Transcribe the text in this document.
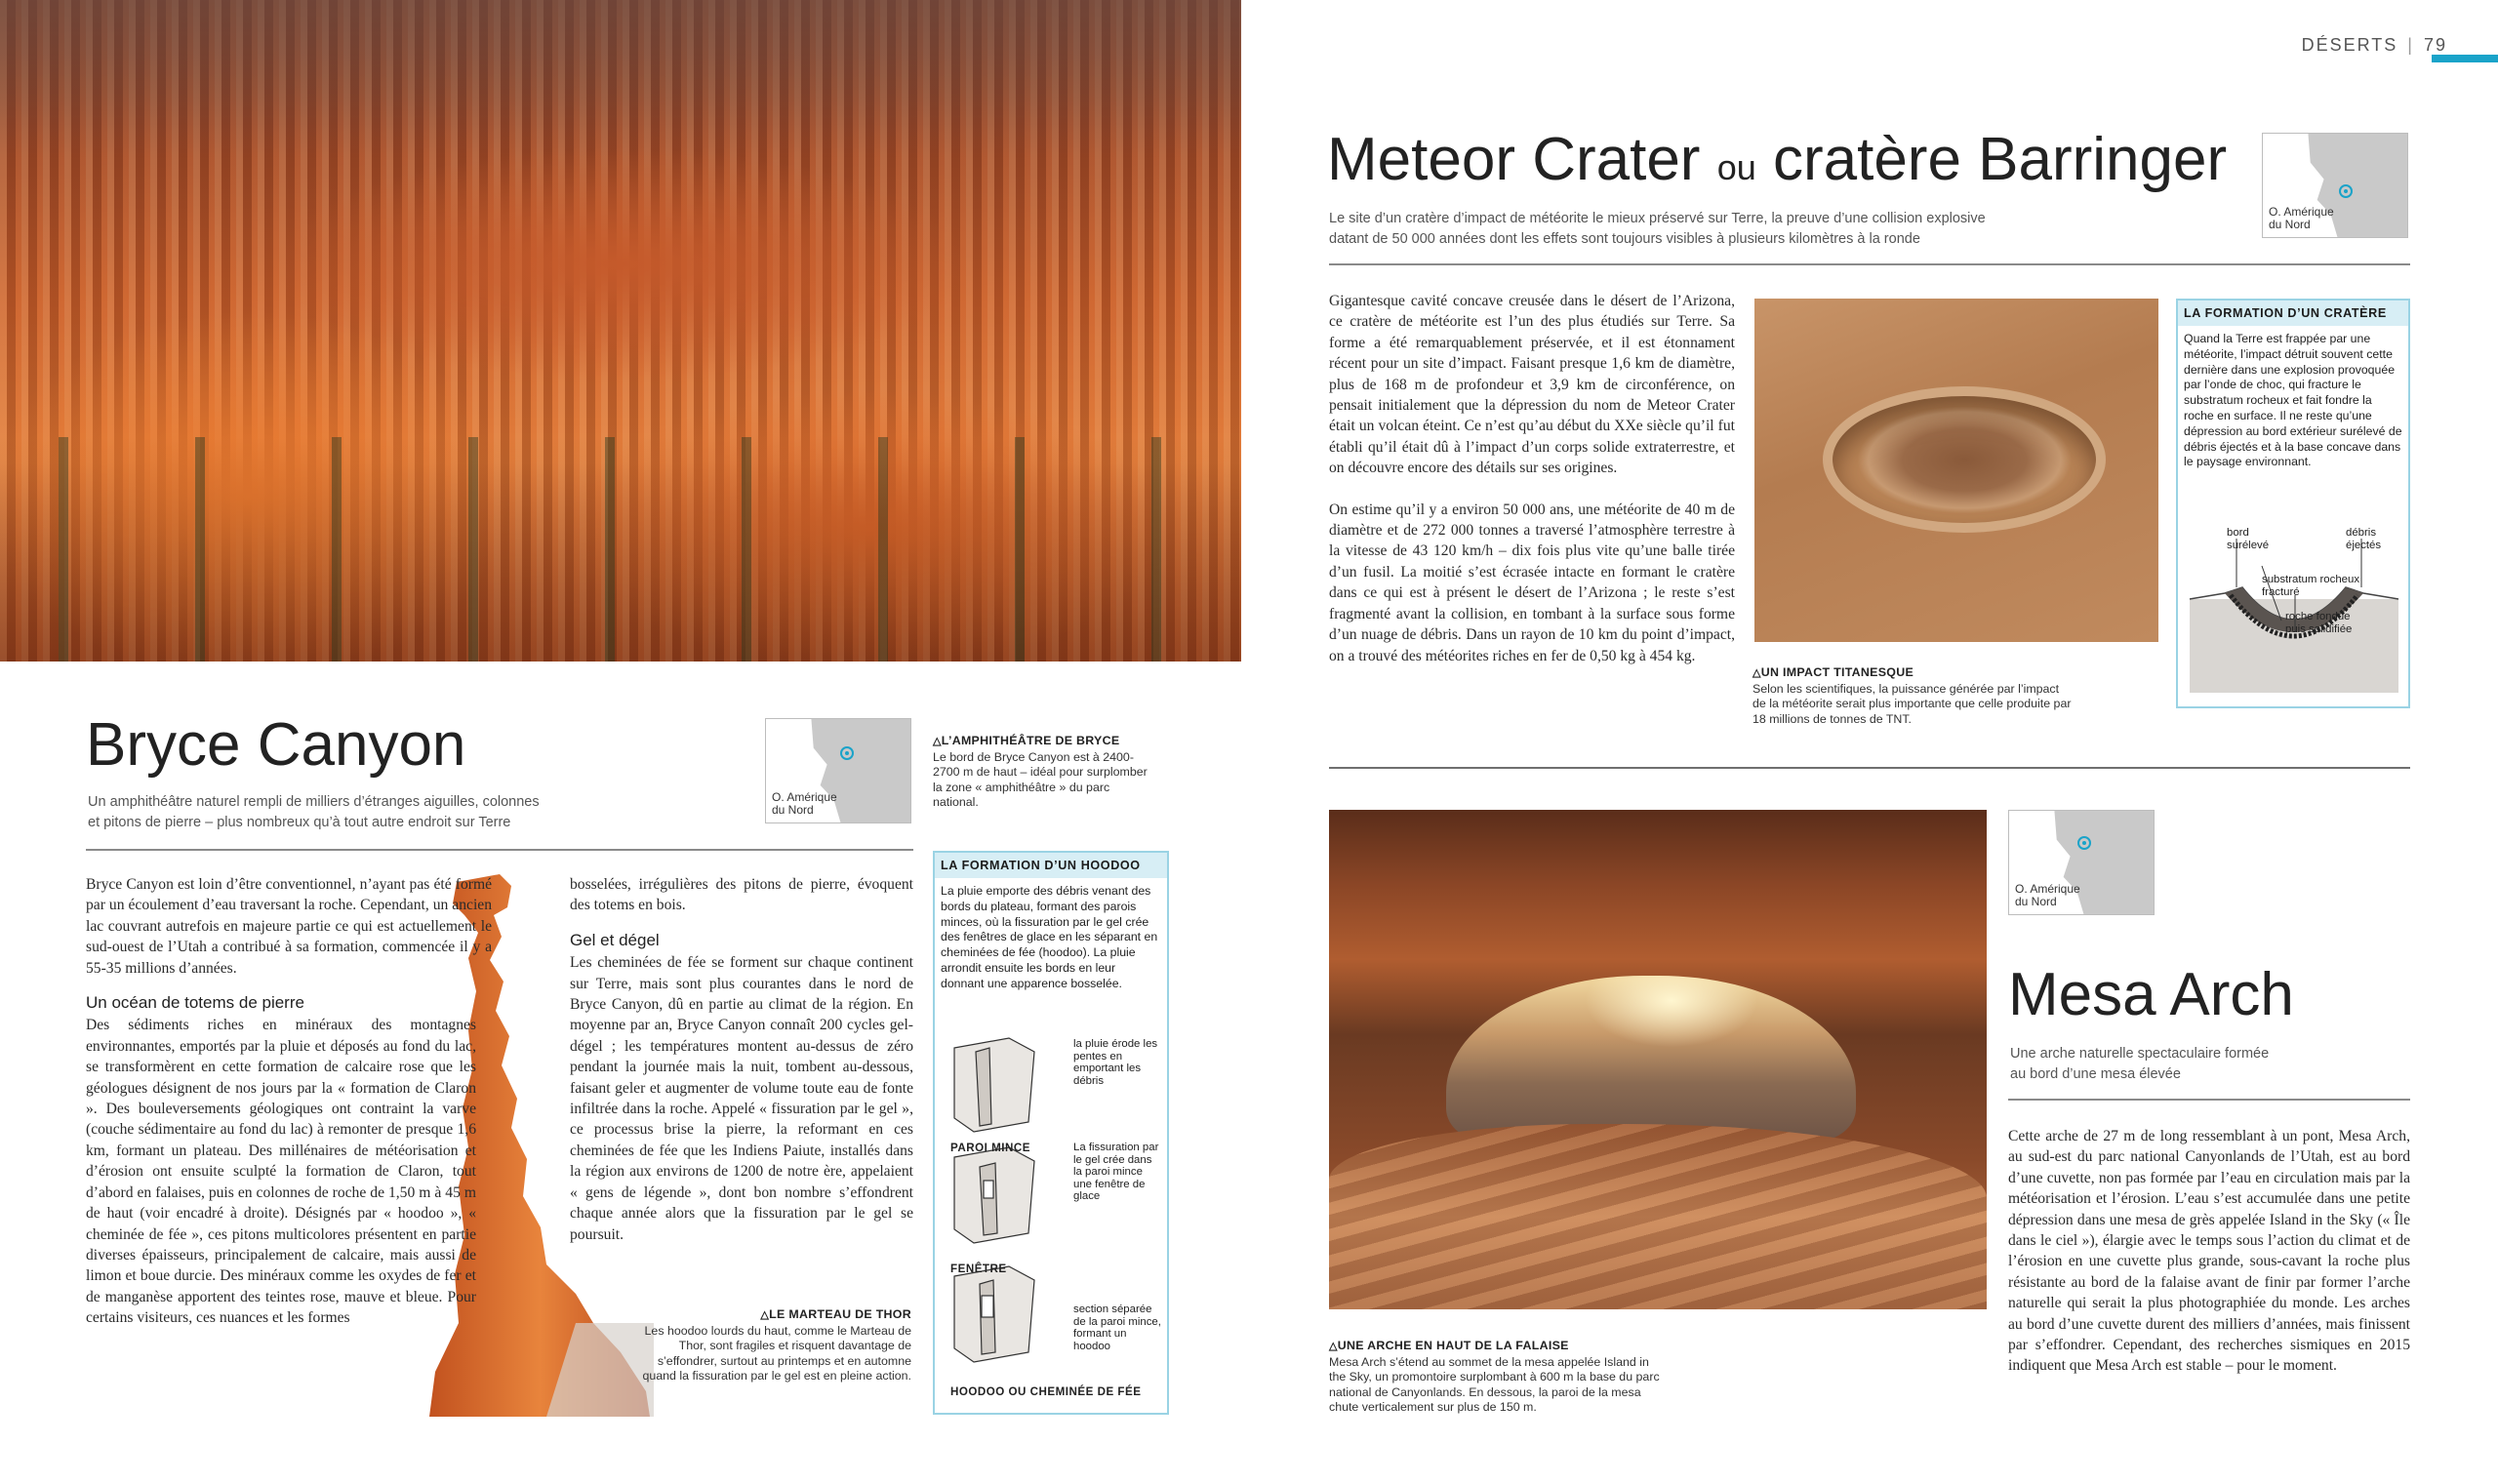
DÉSERTS | 79
Meteor Crater ou cratère Barringer
Le site d’un cratère d’impact de météorite le mieux préservé sur Terre, la preuve d’une collision explosive
datant de 50 000 années dont les effets sont toujours visibles à plusieurs kilomètres à la ronde
O. Amérique du Nord

Gigantesque cavité concave creusée dans le désert de l’Arizona, ce cratère de météorite est l’un des plus étudiés sur Terre. Sa forme a été remarquablement préservée, et il est étonnament récent pour un site d’impact. Faisant presque 1,6 km de diamètre, plus de 168 m de profondeur et 3,9 km de circonférence, on pensait initialement que la dépression du nom de Meteor Crater était un volcan éteint. Ce n’est qu’au début du XXe siècle qu’il fut établi qu’il était dû à l’impact d’un corps solide extraterrestre, et on découvre encore des détails sur ses origines.

On estime qu’il y a environ 50 000 ans, une météorite de 40 m de diamètre et de 272 000 tonnes a traversé l’atmosphère terrestre à la vitesse de 43 120 km/h – dix fois plus vite qu’une balle tirée d’un fusil. La moitié s’est écrasée intacte en formant le cratère dans ce qui est à présent le désert de l’Arizona ; le reste s’est fragmenté avant la collision, en tombant à la surface sous forme d’un nuage de débris. Dans un rayon de 10 km du point d’impact, on a trouvé des météorites riches en fer de 0,50 kg à 454 kg.

△UN IMPACT TITANESQUE
Selon les scientifiques, la puissance générée par l’impact de la météorite serait plus importante que celle produite par 18 millions de tonnes de TNT.
LA FORMATION D’UN CRATÈRE
Quand la Terre est frappée par une météorite, l’impact détruit souvent cette dernière dans une explosion provoquée par l’onde de choc, qui fracture le substratum rocheux et fait fondre la roche en surface. Il ne reste qu’une dépression au bord extérieur surélevé de débris éjectés et à la base concave dans le paysage environnant.
bord surélevé
débris éjectés
substratum rocheux fracturé
roche fondue puis solidifiée
O. Amérique du Nord
Mesa Arch
Une arche naturelle spectaculaire formée
au bord d’une mesa élevée

Cette arche de 27 m de long ressemblant à un pont, Mesa Arch, au sud-est du parc national Canyonlands de l’Utah, est au bord d’une cuvette, non pas formée par l’eau en circulation mais par la météorisation et l’érosion. L’eau s’est accumulée dans une petite dépression dans une mesa de grès appelée Island in the Sky (« Île dans le ciel »), élargie avec le temps sous l’action du climat et de l’érosion en une cuvette plus grande, sous-cavant la roche plus résistante au bord de la falaise avant de finir par former l’arche naturelle qui serait la plus photographiée du monde. Les arches au bord d’une cuvette durent des milliers d’années, mais finissent par s’effondrer. Cependant, des recherches sismiques en 2015 indiquent que Mesa Arch est stable – pour le moment.

△UNE ARCHE EN HAUT DE LA FALAISE
Mesa Arch s’étend au sommet de la mesa appelée Island in the Sky, un promontoire surplombant à 600 m la base du parc national de Canyonlands. En dessous, la paroi de la mesa chute verticalement sur plus de 150 m.
Bryce Canyon
Un amphithéâtre naturel rempli de milliers d’étranges aiguilles, colonnes
et pitons de pierre – plus nombreux qu’à tout autre endroit sur Terre
O. Amérique du Nord
△L’AMPHITHÉÂTRE DE BRYCE
Le bord de Bryce Canyon est à 2400-2700 m de haut – idéal pour surplomber la zone « amphithéâtre » du parc national.

Bryce Canyon est loin d’être conventionnel, n’ayant pas été formé par un écoulement d’eau traversant la roche. Cependant, un ancien lac couvrant autrefois en majeure partie ce qui est actuellement le sud-ouest de l’Utah a contribué à sa formation, commencée il y a 55-35 millions d’années.

Un océan de totems de pierre

Des sédiments riches en minéraux des montagnes environnantes, emportés par la pluie et déposés au fond du lac, se transformèrent en cette formation de calcaire rose que les géologues désignent de nos jours par la « formation de Claron ». Des bouleversements géologiques ont contraint la varve (couche sédimentaire au fond du lac) à remonter de presque 1,6 km, formant un plateau. Des millénaires de météorisation et d’érosion ont ensuite sculpté la formation de Claron, tout d’abord en falaises, puis en colonnes de roche de 1,50 m à 45 m de haut (voir encadré à droite). Désignés par « hoodoo », « cheminée de fée », ces pitons multicolores présentent en partie diverses épaisseurs, principalement de calcaire, mais aussi de limon et boue durcie. Des minéraux comme les oxydes de fer et de manganèse apportent des teintes rose, mauve et bleue. Pour certains visiteurs, ces nuances et les formes

bosselées, irrégulières des pitons de pierre, évoquent des totems en bois.

Gel et dégel

Les cheminées de fée se forment sur chaque continent sur Terre, mais sont plus courantes dans le nord de Bryce Canyon, dû en partie au climat de la région. En moyenne par an, Bryce Canyon connaît 200 cycles gel-dégel ; les températures montent au-dessus de zéro pendant la journée mais la nuit, tombent au-dessous, faisant geler et augmenter de volume toute eau de fonte infiltrée dans la roche. Appelé « fissuration par le gel », ce processus brise la pierre, la reformant en ces cheminées de fée que les Indiens Paiute, installés dans la région aux environs de 1200 de notre ère, appelaient « gens de légende », dont bon nombre s’effondrent chaque année alors que la fissuration par le gel se poursuit.

△LE MARTEAU DE THOR
Les hoodoo lourds du haut, comme le Marteau de Thor, sont fragiles et risquent davantage de s’effondrer, surtout au printemps et en automne quand la fissuration par le gel est en pleine action.
LA FORMATION D’UN HOODOO
La pluie emporte des débris venant des bords du plateau, formant des parois minces, où la fissuration par le gel crée des fenêtres de glace en les séparant en cheminées de fée (hoodoo). La pluie arrondit ensuite les bords en leur donnant une apparence bosselée.
la pluie érode les pentes en emportant les débris
PAROI MINCE	La fissuration par le gel crée dans la paroi mince une fenêtre de glace
FENÊTRE
section séparée de la paroi mince, formant un hoodoo
HOODOO OU CHEMINÉE DE FÉE
